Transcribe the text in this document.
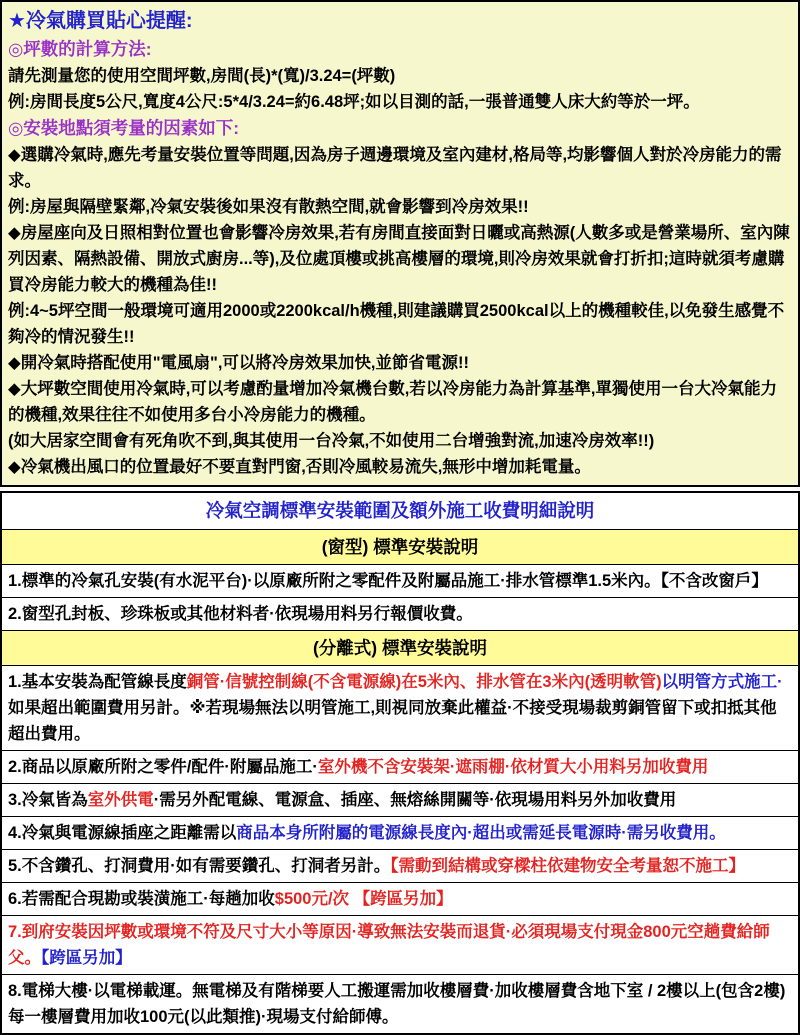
★冷氣購買貼心提醒:
◎坪數的計算方法:
請先測量您的使用空間坪數,房間(長)*(寬)/3.24=(坪數)
例:房間長度5公尺,寬度4公尺:5*4/3.24=約6.48坪;如以目測的話,一張普通雙人床大約等於一坪。
◎安裝地點須考量的因素如下:
◆選購冷氣時,應先考量安裝位置等問題,因為房子週邊環境及室內建材,格局等,均影響個人對於冷房能力的需求。
例:房屋與隔壁緊鄰,冷氣安裝後如果沒有散熱空間,就會影響到冷房效果!!
◆房屋座向及日照相對位置也會影響冷房效果,若有房間直接面對日曬或高熱源(人數多或是營業場所、室內陳列因素、隔熱設備、開放式廚房...等),及位處頂樓或挑高樓層的環境,則冷房效果就會打折扣;這時就須考慮購買冷房能力較大的機種為佳!!
例:4~5坪空間一般環境可適用2000或2200kcal/h機種,則建議購買2500kcal以上的機種較佳,以免發生感覺不夠冷的情況發生!!
◆開冷氣時搭配使用"電風扇",可以將冷房效果加快,並節省電源!!
◆大坪數空間使用冷氣時,可以考慮酌量增加冷氣機台數,若以冷房能力為計算基準,單獨使用一台大冷氣能力的機種,效果往往不如使用多台小冷房能力的機種。
(如大居家空間會有死角吹不到,與其使用一台冷氣,不如使用二台增強對流,加速冷房效率!!)
◆冷氣機出風口的位置最好不要直對門窗,否則冷風較易流失,無形中增加耗電量。
冷氣空調標準安裝範圍及額外施工收費明細說明
(窗型) 標準安裝說明
1.標準的冷氣孔安裝(有水泥平台)·以原廠所附之零配件及附屬品施工·排水管標準1.5米內。【不含改窗戶】
2.窗型孔封板、珍珠板或其他材料者·依現場用料另行報價收費。
(分離式) 標準安裝說明
1.基本安裝為配管線長度銅管·信號控制線(不含電源線)在5米內、排水管在3米內(透明軟管)以明管方式施工·如果超出範圍費用另計。※若現場無法以明管施工,則視同放棄此權益·不接受現場裁剪銅管留下或扣抵其他超出費用。
2.商品以原廠所附之零件/配件·附屬品施工·室外機不含安裝架·遮雨棚·依材質大小用料另加收費用
3.冷氣皆為室外供電·需另外配電線、電源盒、插座、無熔絲開關等·依現場用料另外加收費用
4.冷氣與電源線插座之距離需以商品本身所附屬的電源線長度內·超出或需延長電源時·需另收費用。
5.不含鑽孔、打洞費用·如有需要鑽孔、打洞者另計。【需動到結構或穿樑柱依建物安全考量恕不施工】
6.若需配合現勘或裝潢施工·每趟加收$500元/次 【跨區另加】
7.到府安裝因坪數或環境不符及尺寸大小等原因·導致無法安裝而退貨·必須現場支付現金800元空趟費給師父。【跨區另加】
8.電梯大樓·以電梯載運。無電梯及有階梯要人工搬運需加收樓層費·加收樓層費含地下室 / 2樓以上(包含2樓)每一樓層費用加收100元(以此類推)·現場支付給師傅。
